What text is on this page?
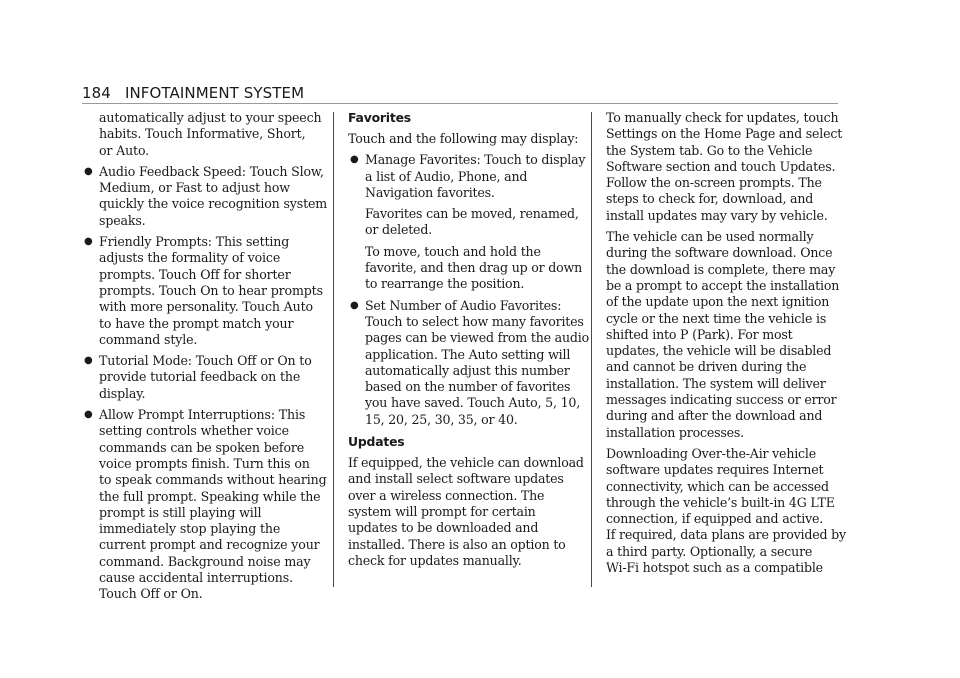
184 INFOTAINMENT SYSTEM

automatically adjust to your speech
habits. Touch Informative, Short,
or Auto.

● Audio Feedback Speed: Touch Slow,
Medium, or Fast to adjust how
quickly the voice recognition system
speaks.
● Friendly Prompts: This setting
adjusts the formality of voice
prompts. Touch Off for shorter
prompts. Touch On to hear prompts
with more personality. Touch Auto
to have the prompt match your
command style.
● Tutorial Mode: Touch Off or On to
provide tutorial feedback on the
display.
● Allow Prompt Interruptions: This
setting controls whether voice
commands can be spoken before
voice prompts finish. Turn this on
to speak commands without hearing
the full prompt. Speaking while the
prompt is still playing will
immediately stop playing the
current prompt and recognize your
command. Background noise may
cause accidental interruptions.
Touch Off or On.

Favorites

Touch and the following may display:

● Manage Favorites: Touch to display
a list of Audio, Phone, and
Navigation favorites.

Favorites can be moved, renamed,
or deleted.

To move, touch and hold the
favorite, and then drag up or down
to rearrange the position.

● Set Number of Audio Favorites:
Touch to select how many favorites
pages can be viewed from the audio
application. The Auto setting will
automatically adjust this number
based on the number of favorites
you have saved. Touch Auto, 5, 10,
15, 20, 25, 30, 35, or 40.

Updates

If equipped, the vehicle can download
and install select software updates
over a wireless connection. The
system will prompt for certain
updates to be downloaded and
installed. There is also an option to
check for updates manually.

To manually check for updates, touch
Settings on the Home Page and select
the System tab. Go to the Vehicle
Software section and touch Updates.
Follow the on-screen prompts. The
steps to check for, download, and
install updates may vary by vehicle.

The vehicle can be used normally
during the software download. Once
the download is complete, there may
be a prompt to accept the installation
of the update upon the next ignition
cycle or the next time the vehicle is
shifted into P (Park). For most
updates, the vehicle will be disabled
and cannot be driven during the
installation. The system will deliver
messages indicating success or error
during and after the download and
installation processes.

Downloading Over-the-Air vehicle
software updates requires Internet
connectivity, which can be accessed
through the vehicle’s built-in 4G LTE
connection, if equipped and active.
If required, data plans are provided by
a third party. Optionally, a secure
Wi-Fi hotspot such as a compatible
